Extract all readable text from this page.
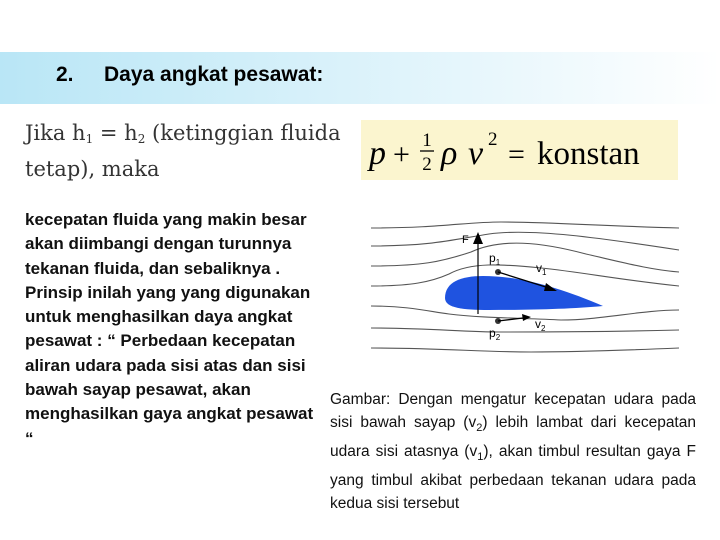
2. Daya angkat pesawat:
Jika $h_1 = h_2$ (ketinggian fluida tetap), maka	p + 1
2 ρ v 2 = konstan
kecepatan fluida yang makin besar akan diimbangi dengan turunnya tekanan fluida, dan sebaliknya . Prinsip inilah yang yang digunakan untuk menghasilkan daya angkat pesawat : “ Perbedaan kecepatan aliran udara pada sisi atas dan sisi bawah sayap pesawat, akan menghasilkan gaya angkat pesawat “
F
$p_1$
$p_2$
$v_1$
$v_2$
Gambar: Dengan mengatur kecepatan udara pada sisi bawah sayap $(v_2)$ lebih lambat dari kecepatan udara sisi atasnya $(v_1)$, akan timbul resultan gaya F yang timbul akibat perbedaan tekanan udara pada kedua sisi tersebut
